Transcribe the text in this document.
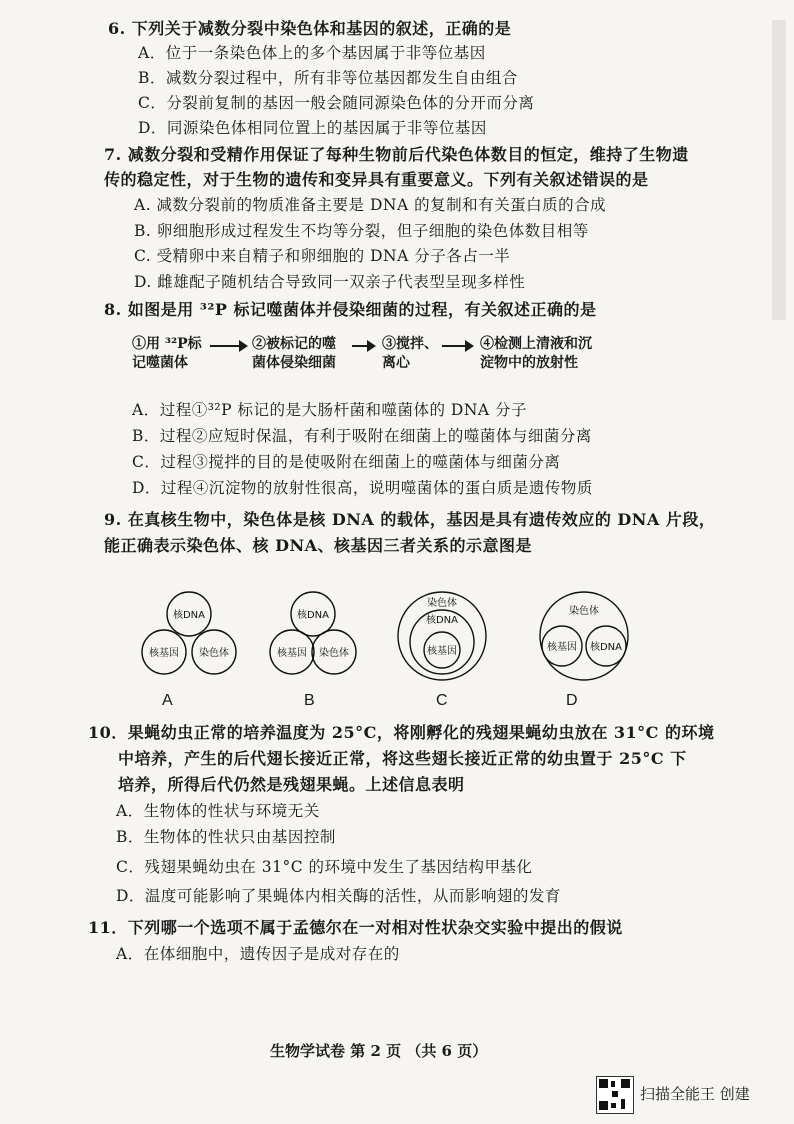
6. 下列关于减数分裂中染色体和基因的叙述，正确的是
A．位于一条染色体上的多个基因属于非等位基因
B．减数分裂过程中，所有非等位基因都发生自由组合
C．分裂前复制的基因一般会随同源染色体的分开而分离
D．同源染色体相同位置上的基因属于非等位基因
7. 减数分裂和受精作用保证了每种生物前后代染色体数目的恒定，维持了生物遗
传的稳定性，对于生物的遗传和变异具有重要意义。下列有关叙述错误的是
A. 减数分裂前的物质准备主要是 DNA 的复制和有关蛋白质的合成
B. 卵细胞形成过程发生不均等分裂，但子细胞的染色体数目相等
C. 受精卵中来自精子和卵细胞的 DNA 分子各占一半
D. 雌雄配子随机结合导致同一双亲子代表型呈现多样性
8. 如图是用 ³²P 标记噬菌体并侵染细菌的过程，有关叙述正确的是
①用 ³²P标
记噬菌体
②被标记的噬
菌体侵染细菌
③搅拌、
离心
④检测上清液和沉
淀物中的放射性
A．过程①³²P 标记的是大肠杆菌和噬菌体的 DNA 分子
B．过程②应短时保温，有利于吸附在细菌上的噬菌体与细菌分离
C．过程③搅拌的目的是使吸附在细菌上的噬菌体与细菌分离
D．过程④沉淀物的放射性很高，说明噬菌体的蛋白质是遗传物质
9. 在真核生物中，染色体是核 DNA 的载体，基因是具有遗传效应的 DNA 片段，
能正确表示染色体、核 DNA、核基因三者关系的示意图是
核DNA
核基因 染色体
A
核DNA
核基因 染色体
B
染色体
核DNA
核基因
C
染色体
核基因 核DNA
D
10．果蝇幼虫正常的培养温度为 25°C，将刚孵化的残翅果蝇幼虫放在 31°C 的环境
中培养，产生的后代翅长接近正常，将这些翅长接近正常的幼虫置于 25°C 下
培养，所得后代仍然是残翅果蝇。上述信息表明
A．生物体的性状与环境无关
B．生物体的性状只由基因控制
C．残翅果蝇幼虫在 31°C 的环境中发生了基因结构甲基化
D．温度可能影响了果蝇体内相关酶的活性，从而影响翅的发育
11．下列哪一个选项不属于孟德尔在一对相对性状杂交实验中提出的假说
A．在体细胞中，遗传因子是成对存在的
生物学试卷 第 2 页 （共 6 页）
扫描全能王 创建
